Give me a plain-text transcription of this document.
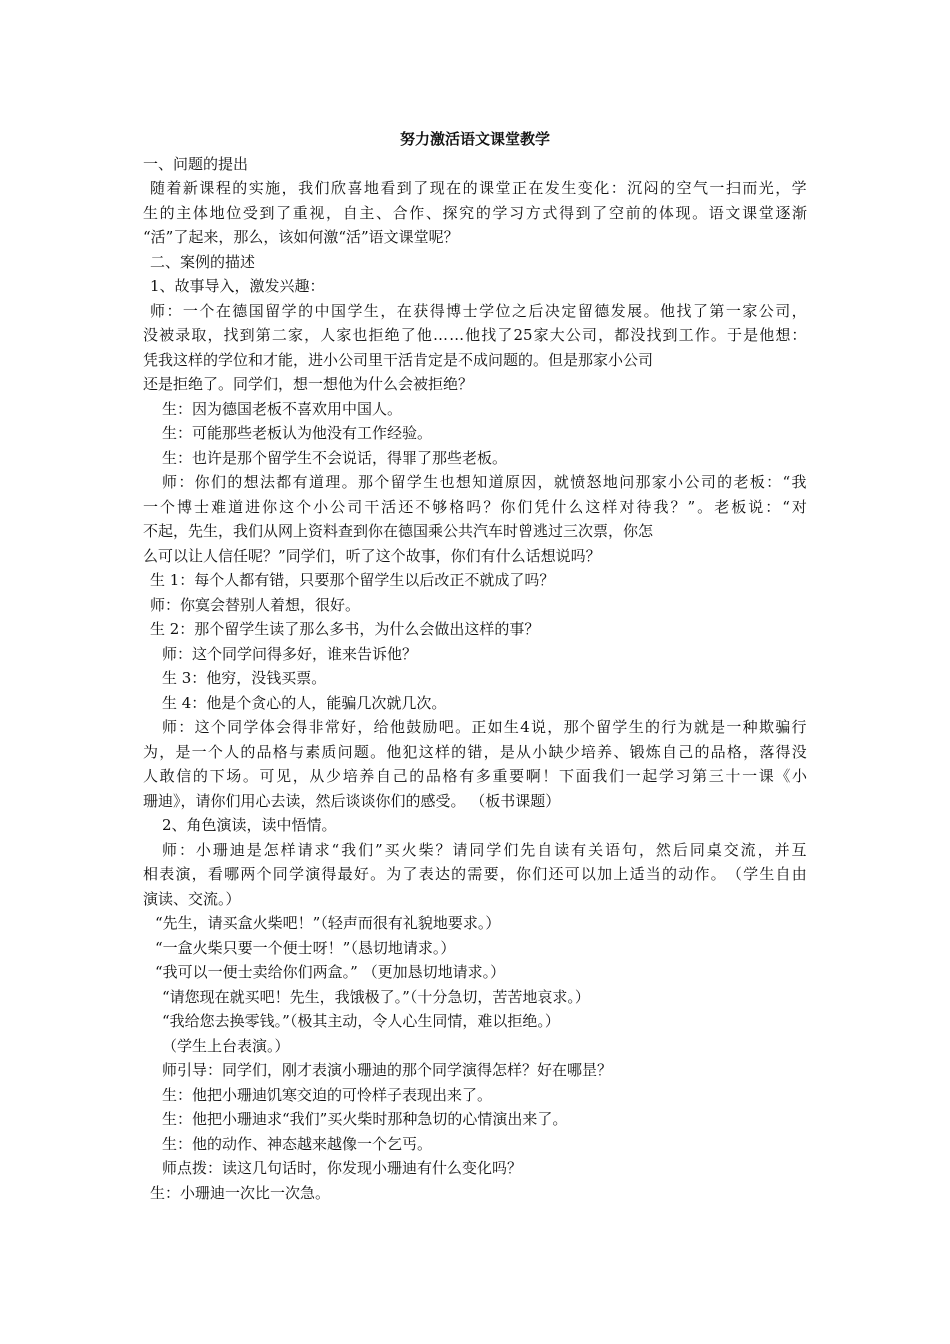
努力激活语文课堂教学
一、问题的提出
随 着 新 课 程 的 实 施 ， 我 们 欣 喜 地 看 到 了 现 在 的 课 堂 正 在 发 生 变 化 ： 沉 闷 的 空 气 一 扫 而 光 ， 学
生 的 主 体 地 位 受 到 了 重 视 ， 自 主 、 合 作 、 探 究 的 学 习 方 式 得 到 了 空 前 的 体 现 。 语 文 课 堂 逐 渐
“活”了起来，那么，该如何激“活”语文课堂呢？
二、案例的描述
1、故事导入，激发兴趣：
师 ： 一 个 在 德 国 留 学 的 中 国 学 生 ， 在 获 得 博 士 学 位 之 后 决 定 留 德 发 展 。 他 找 了 第 一 家 公 司 ，
没 被 录 取 ， 找 到 第 二 家 ， 人 家 也 拒 绝 了 他 … … 他 找 了 25 家 大 公 司 ， 都 没 找 到 工 作 。 于 是 他 想 ：
凭我这样的学位和才能，进小公司里干活肯定是不成问题的。但是那家小公司
还是拒绝了。同学们，想一想他为什么会被拒绝？
生：因为德国老板不喜欢用中国人。
生：可能那些老板认为他没有工作经验。
生：也许是那个留学生不会说话，得罪了那些老板。
师 ： 你 们 的 想 法 都 有 道 理 。 那 个 留 学 生 也 想 知 道 原 因 ， 就 愤 怒 地 问 那 家 小 公 司 的 老 板 ： “ 我
一 个 博 士 难 道 进 你 这 个 小 公 司 干 活 还 不 够 格 吗 ？ 你 们 凭 什 么 这 样 对 待 我 ？ ” 。 老 板 说 ： “ 对
不起，先生，我们从网上资料查到你在德国乘公共汽车时曾逃过三次票，你怎
么可以让人信任呢？”同学们，听了这个故事，你们有什么话想说吗？
生 1：每个人都有错，只要那个留学生以后改正不就成了吗？
师：你寞会替别人着想，很好。
生 2：那个留学生读了那么多书，为什么会做出这样的事？
师：这个同学问得多好，谁来告诉他？
生 3：他穷，没钱买票。
生 4：他是个贪心的人，能骗几次就几次。
师 ： 这 个 同 学 体 会 得 非 常 好 ， 给 他 鼓 励 吧 。 正 如 生 4 说 ， 那 个 留 学 生 的 行 为 就 是 一 种 欺 骗 行
为 ， 是 一 个 人 的 品 格 与 素 质 问 题 。 他 犯 这 样 的 错 ， 是 从 小 缺 少 培 养 、 锻 炼 自 己 的 品 格 ， 落 得 没
人 敢 信 的 下 场 。 可 见 ， 从 少 培 养 自 己 的 品 格 有 多 重 要 啊 ！ 下 面 我 们 一 起 学 习 第 三 十 一 课 《 小
珊迪》，请你们用心去读，然后谈谈你们的感受。 （板书课题）
2、角色演读，读中悟情。
师 ： 小 珊 迪 是 怎 样 请 求 “ 我 们 ” 买 火 柴 ？ 请 同 学 们 先 自 读 有 关 语 句 ， 然 后 同 桌 交 流 ， 并 互
相 表 演 ， 看 哪 两 个 同 学 演 得 最 好 。 为 了 表 达 的 需 要 ， 你 们 还 可 以 加 上 适 当 的 动 作 。 （ 学 生 自 由
演读、交流。）
“先生，请买盒火柴吧！”（轻声而很有礼貌地要求。）
“一盒火柴只要一个便士呀！”（恳切地请求。）
“我可以一便士卖给你们两盒。” （更加恳切地请求。）
“请您现在就买吧！先生，我饿极了。”（十分急切，苦苦地哀求。）
“我给您去换零钱。”（极其主动，令人心生同情，难以拒绝。）
（学生上台表演。）
师引导：同学们，刚才表演小珊迪的那个同学演得怎样？好在哪昰？
生：他把小珊迪饥寒交迫的可怜样子表现出来了。
生：他把小珊迪求“我们”买火柴时那种急切的心情演出来了。
生：他的动作、神态越来越像一个乞丐。
师点拨：读这几句话时，你发现小珊迪有什么变化吗？
生：小珊迪一次比一次急。
